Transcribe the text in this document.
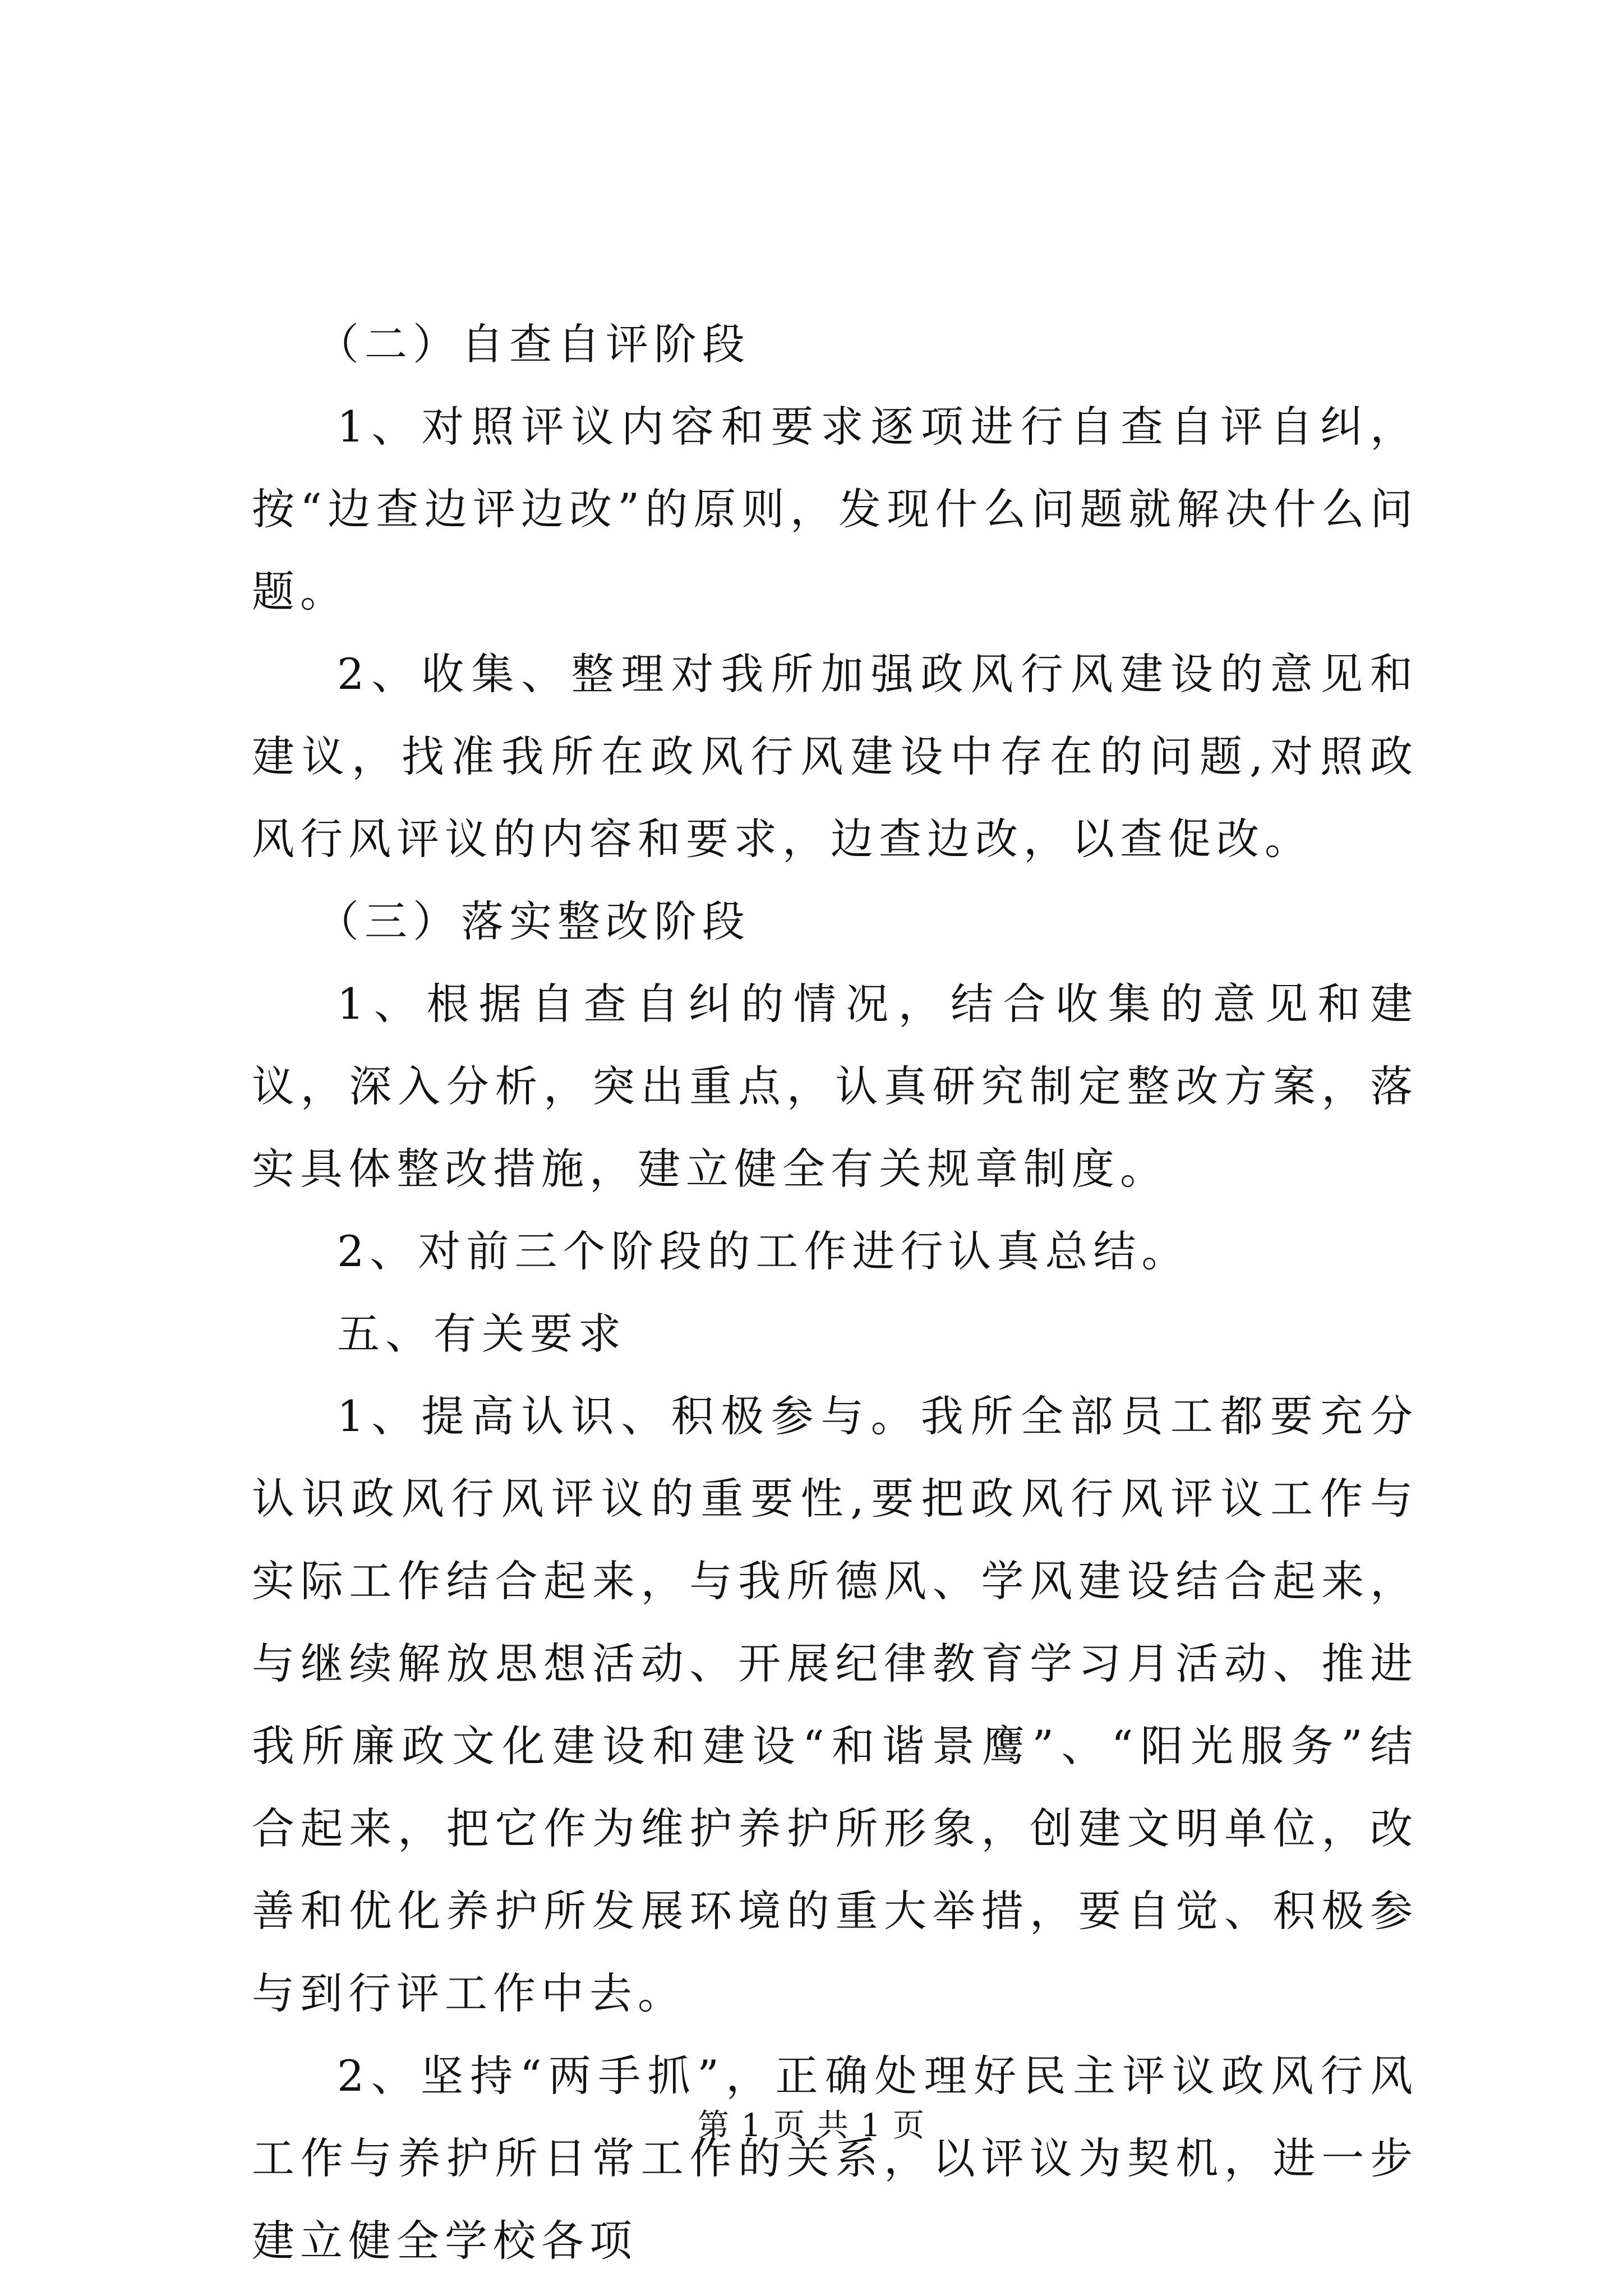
（二）自查自评阶段

1、对照评议内容和要求逐项进行自查自评自纠，按“边查边评边改”的原则，发现什么问题就解决什么问题。

2、收集、整理对我所加强政风行风建设的意见和建议，找准我所在政风行风建设中存在的问题,对照政风行风评议的内容和要求，边查边改，以查促改。

（三）落实整改阶段

1、根据自查自纠的情况，结合收集的意见和建议，深入分析，突出重点，认真研究制定整改方案，落实具体整改措施，建立健全有关规章制度。

2、对前三个阶段的工作进行认真总结。

五、有关要求

1、提高认识、积极参与。我所全部员工都要充分认识政风行风评议的重要性,要把政风行风评议工作与实际工作结合起来，与我所德风、学风建设结合起来，与继续解放思想活动、开展纪律教育学习月活动、推进我所廉政文化建设和建设“和谐景鹰”、“阳光服务”结合起来，把它作为维护养护所形象，创建文明单位，改善和优化养护所发展环境的重大举措，要自觉、积极参与到行评工作中去。

2、坚持“两手抓”，正确处理好民主评议政风行风工作与养护所日常工作的关系，以评议为契机，进一步建立健全学校各项

第 1 页 共 1 页
